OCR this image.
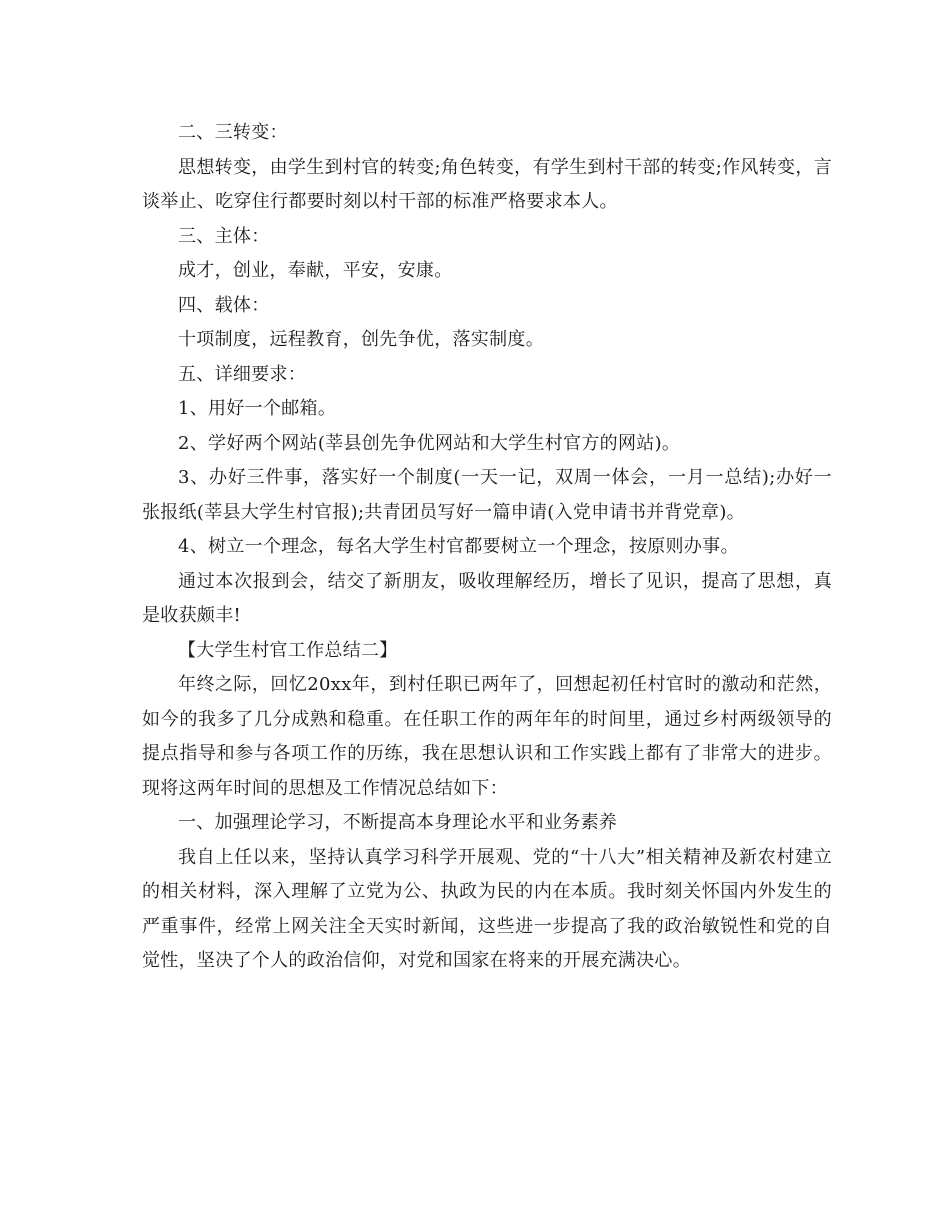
二、三转变：

思想转变，由学生到村官的转变;角色转变，有学生到村干部的转变;作风转变，言谈举止、吃穿住行都要时刻以村干部的标准严格要求本人。

三、主体：

成才，创业，奉献，平安，安康。

四、载体：

十项制度，远程教育，创先争优，落实制度。

五、详细要求：

1、用好一个邮箱。

2、学好两个网站(莘县创先争优网站和大学生村官方的网站)。

3、办好三件事，落实好一个制度(一天一记，双周一体会，一月一总结);办好一张报纸(莘县大学生村官报);共青团员写好一篇申请(入党申请书并背党章)。

4、树立一个理念，每名大学生村官都要树立一个理念，按原则办事。

通过本次报到会，结交了新朋友，吸收理解经历，增长了见识，提高了思想，真是收获颇丰!

【大学生村官工作总结二】

年终之际，回忆20xx年，到村任职已两年了，回想起初任村官时的激动和茫然，如今的我多了几分成熟和稳重。在任职工作的两年年的时间里，通过乡村两级领导的提点指导和参与各项工作的历练，我在思想认识和工作实践上都有了非常大的进步。现将这两年时间的思想及工作情况总结如下：

一、加强理论学习，不断提高本身理论水平和业务素养

我自上任以来，坚持认真学习科学开展观、党的“十八大”相关精神及新农村建立的相关材料，深入理解了立党为公、执政为民的内在本质。我时刻关怀国内外发生的严重事件，经常上网关注全天实时新闻，这些进一步提高了我的政治敏锐性和党的自觉性，坚决了个人的政治信仰，对党和国家在将来的开展充满决心。
